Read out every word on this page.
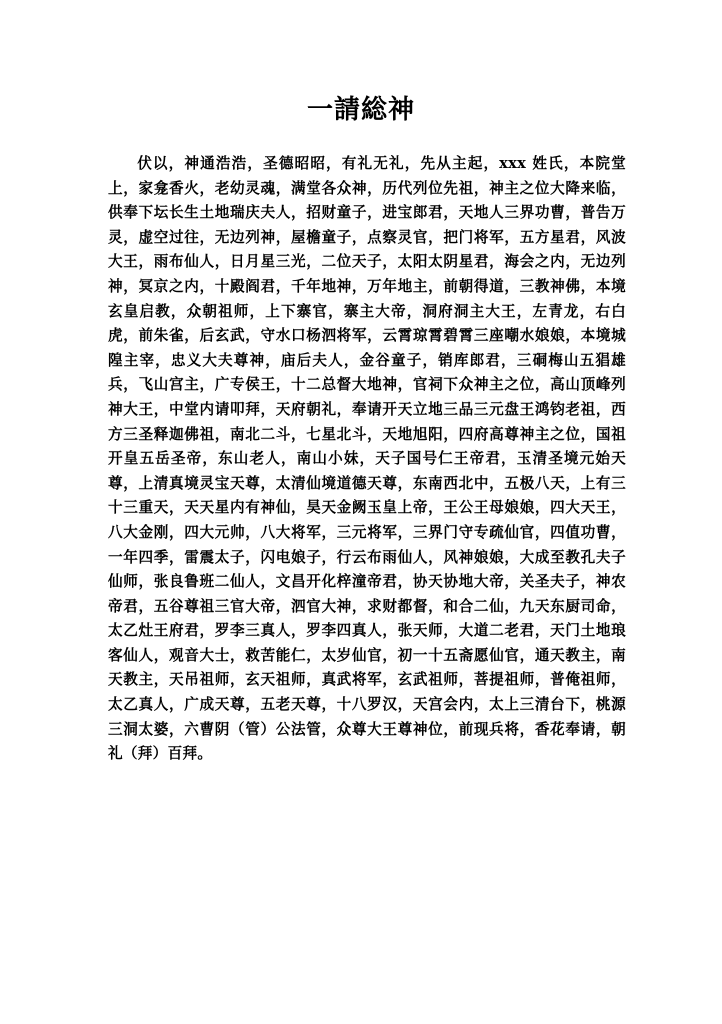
一請総神

伏以，神通浩浩，圣德昭昭，有礼无礼，先从主起，xxx 姓氏，本院堂上，家龛香火，老幼灵魂，满堂各众神，历代列位先祖，神主之位大降来临，供奉下坛长生土地瑞庆夫人，招财童子，进宝郎君，天地人三界功曹，普告万灵，虚空过往，无边列神，屋檐童子，点察灵官，把门将军，五方星君，风波大王，雨布仙人，日月星三光，二位天子，太阳太阴星君，海会之内，无边列神，冥京之内，十殿阎君，千年地神，万年地主，前朝得道，三教神佛，本境玄皇启教，众朝祖师，上下寨官，寨主大帝，洞府洞主大王，左青龙，右白虎，前朱雀，后玄武，守水口杨泗将军，云霄琼霄碧霄三座嘲水娘娘，本境城隍主宰，忠义大夫尊神，庙后夫人，金谷童子，销库郎君，三硐梅山五猖雄兵，飞山宫主，广专侯王，十二总督大地神，官祠下众神主之位，高山顶峰列神大王，中堂内请叩拜，天府朝礼，奉请开天立地三品三元盘王鸿钧老祖，西方三圣释迦佛祖，南北二斗，七星北斗，天地旭阳，四府高尊神主之位，国祖开皇五岳圣帝，东山老人，南山小妹，天子国号仁王帝君，玉清圣境元始天尊，上清真境灵宝天尊，太清仙境道德天尊，东南西北中，五极八天，上有三十三重天，天天星内有神仙，昊天金阙玉皇上帝，王公王母娘娘，四大天王，八大金刚，四大元帅，八大将军，三元将军，三界门守专疏仙官，四值功曹，一年四季，雷震太子，闪电娘子，行云布雨仙人，风神娘娘，大成至教孔夫子仙师，张良鲁班二仙人，文昌开化梓潼帝君，协天协地大帝，关圣夫子，神农帝君，五谷尊祖三官大帝，泗官大神，求财都督，和合二仙，九天东厨司命，太乙灶王府君，罗李三真人，罗李四真人，张天师，大道二老君，天门土地琅客仙人，观音大士，救苦能仁，太岁仙官，初一十五斋愿仙官，通天教主，南天教主，天吊祖师，玄天祖师，真武将军，玄武祖师，菩提祖师，普俺祖师，太乙真人，广成天尊，五老天尊，十八罗汉，天宫会内，太上三清台下，桃源三洞太婆，六曹阴（管）公法管，众尊大王尊神位，前现兵将，香花奉请，朝礼（拜）百拜。
